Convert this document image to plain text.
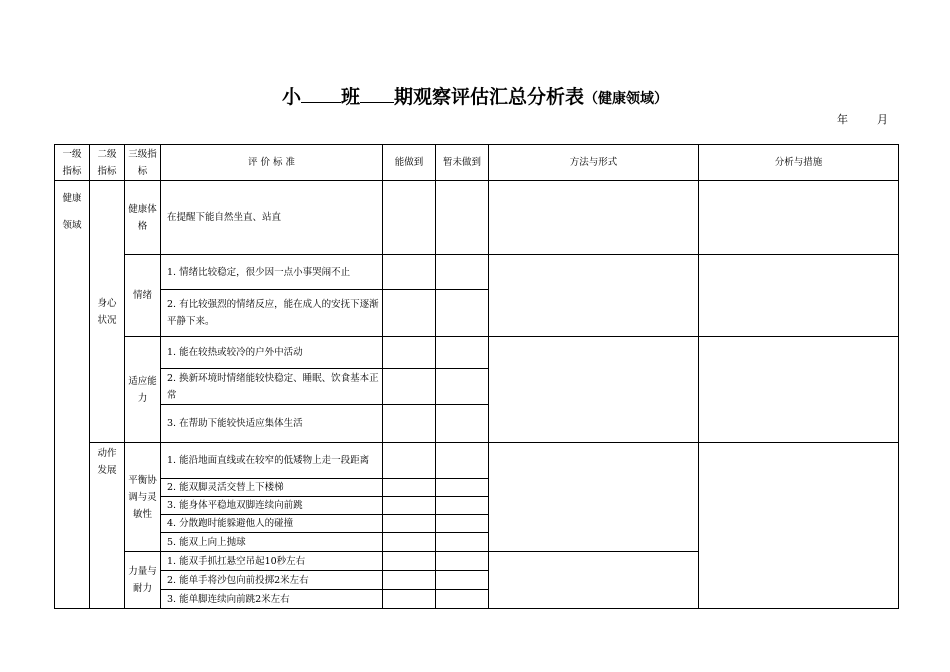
小 班 期观察评估汇总分析表（健康领域）
年	月
一级指标	二级指标	三级指标	评 价 标 准	能做到	暂未做到	方法与形式	分析与措施
健康领域	身心状况	健康体格	在提醒下能自然坐直、站直				
		情绪	1. 情绪比较稳定，很少因一点小事哭闹不止				
			2. 有比较强烈的情绪反应，能在成人的安抚下逐渐平静下来。				
		适应能力	1. 能在较热或较冷的户外中活动				
			2. 换新环境时情绪能较快稳定、睡眠、饮食基本正常				
			3. 在帮助下能较快适应集体生活				
	动作发展	平衡协调与灵敏性	1. 能沿地面直线或在较窄的低矮物上走一段距离				
			2. 能双脚灵活交替上下楼梯				
			3. 能身体平稳地双脚连续向前跳				
			4. 分散跑时能躲避他人的碰撞				
			5. 能双上向上抛球				
		力量与耐力	1. 能双手抓扛悬空吊起10秒左右				
			2. 能单手将沙包向前投掷2米左右				
			3. 能单脚连续向前跳2米左右				
